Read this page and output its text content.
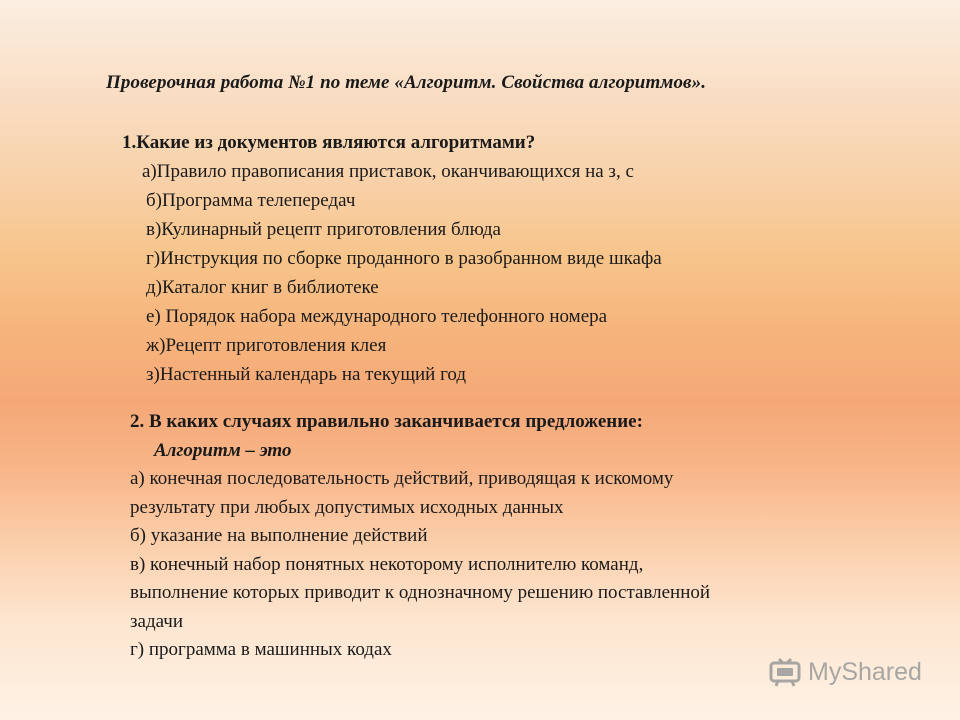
Проверочная работа №1 по теме «Алгоритм. Свойства алгоритмов».
1.Какие из документов являются алгоритмами?
а)Правило правописания приставок, оканчивающихся на з, с
б)Программа телепередач
в)Кулинарный рецепт приготовления блюда
г)Инструкция по сборке проданного в разобранном виде шкафа
д)Каталог книг в библиотеке
е) Порядок набора международного телефонного номера
ж)Рецепт приготовления клея
з)Настенный календарь на текущий год
2. В каких случаях правильно заканчивается предложение:
Алгоритм – это
а) конечная последовательность действий, приводящая к искомому
результату при любых допустимых исходных данных
б) указание на выполнение действий
в) конечный набор понятных некоторому исполнителю команд,
выполнение которых приводит к однозначному решению поставленной
задачи
г) программа в машинных кодах
MyShared
